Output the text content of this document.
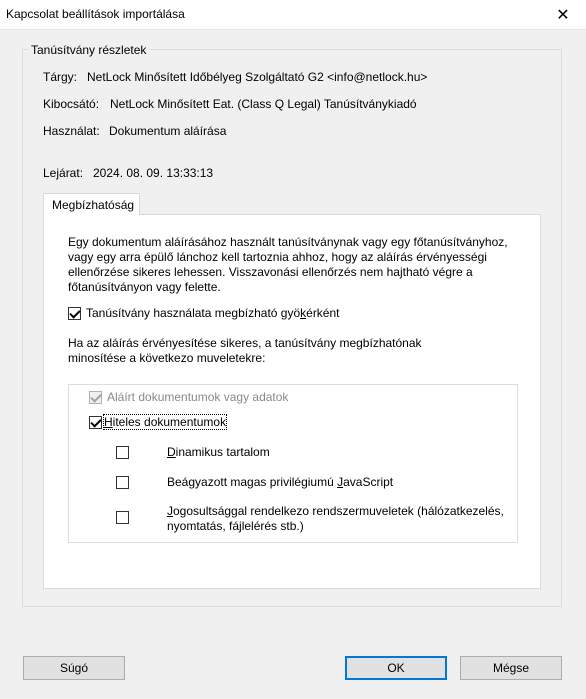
Kapcsolat beállítások importálása	✕
Tanúsítvány részletek
Tárgy: NetLock Minősített Időbélyeg Szolgáltató G2 <info@netlock.hu>
Kibocsátó: NetLock Minősített Eat. (Class Q Legal) Tanúsítványkiadó
Használat: Dokumentum aláírása
Lejárat: 2024. 08. 09. 13:33:13
Megbízhatóság
Egy dokumentum aláírásához használt tanúsítványnak vagy egy főtanúsítványhoz,
vagy egy arra épülő lánchoz kell tartoznia ahhoz, hogy az aláírás érvényességi
ellenőrzése sikeres lehessen. Visszavonási ellenőrzés nem hajtható végre a
főtanúsítványon vagy felette.
Tanúsítvány használata megbízható gyökérként
Ha az aláírás érvényesítése sikeres, a tanúsítvány megbízhatónak
minosítése a következo muveletekre:
Aláírt dokumentumok vagy adatok
Hiteles dokumentumok
Dinamikus tartalom
Beágyazott magas privilégiumú JavaScript
Jogosultsággal rendelkezo rendszermuveletek (hálózatkezelés,
nyomtatás, fájlelérés stb.)
Súgó	OK	Mégse
